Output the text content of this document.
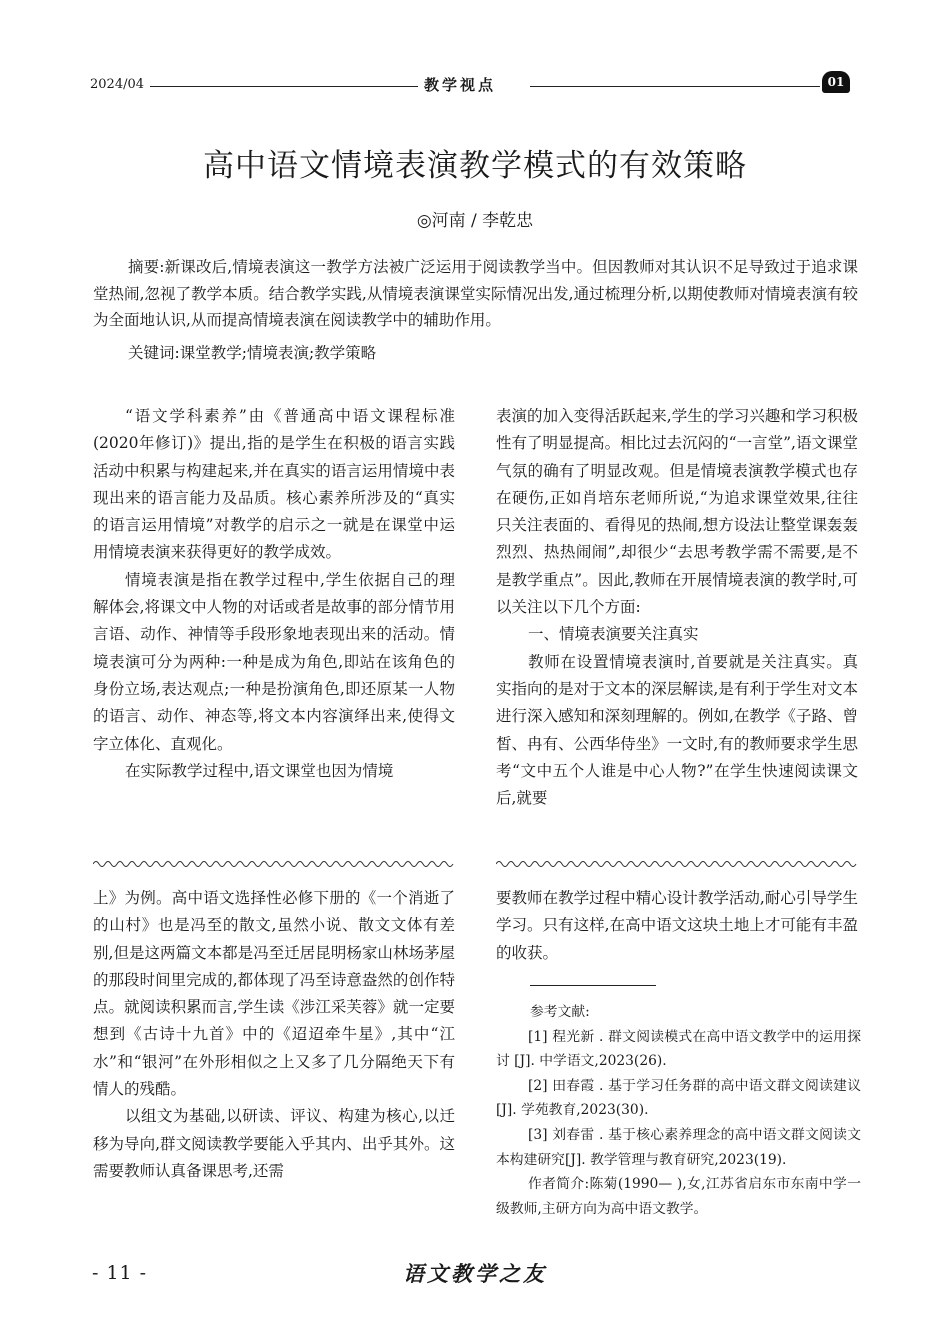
2024/04	教学视点	01
高中语文情境表演教学模式的有效策略
◎河南 / 李乾忠
摘要:新课改后,情境表演这一教学方法被广泛运用于阅读教学当中。但因教师对其认识不足导致过于追求课堂热闹,忽视了教学本质。结合教学实践,从情境表演课堂实际情况出发,通过梳理分析,以期使教师对情境表演有较为全面地认识,从而提高情境表演在阅读教学中的辅助作用。
关键词:课堂教学;情境表演;教学策略

“语文学科素养”由《普通高中语文课程标准(2020年修订)》提出,指的是学生在积极的语言实践活动中积累与构建起来,并在真实的语言运用情境中表现出来的语言能力及品质。核心素养所涉及的“真实的语言运用情境”对教学的启示之一就是在课堂中运用情境表演来获得更好的教学成效。

情境表演是指在教学过程中,学生依据自己的理解体会,将课文中人物的对话或者是故事的部分情节用言语、动作、神情等手段形象地表现出来的活动。情境表演可分为两种:一种是成为角色,即站在该角色的身份立场,表达观点;一种是扮演角色,即还原某一人物的语言、动作、神态等,将文本内容演绎出来,使得文字立体化、直观化。

在实际教学过程中,语文课堂也因为情境

表演的加入变得活跃起来,学生的学习兴趣和学习积极性有了明显提高。相比过去沉闷的“一言堂”,语文课堂气氛的确有了明显改观。但是情境表演教学模式也存在硬伤,正如肖培东老师所说,“为追求课堂效果,往往只关注表面的、看得见的热闹,想方设法让整堂课轰轰烈烈、热热闹闹”,却很少“去思考教学需不需要,是不是教学重点”。因此,教师在开展情境表演的教学时,可以关注以下几个方面:

一、情境表演要关注真实

教师在设置情境表演时,首要就是关注真实。真实指向的是对于文本的深层解读,是有利于学生对文本进行深入感知和深刻理解的。例如,在教学《子路、曾皙、冉有、公西华侍坐》一文时,有的教师要求学生思考“文中五个人谁是中心人物?”在学生快速阅读课文后,就要

上》为例。高中语文选择性必修下册的《一个消逝了的山村》也是冯至的散文,虽然小说、散文文体有差别,但是这两篇文本都是冯至迁居昆明杨家山林场茅屋的那段时间里完成的,都体现了冯至诗意盎然的创作特点。就阅读积累而言,学生读《涉江采芙蓉》就一定要想到《古诗十九首》中的《迢迢牵牛星》,其中“江水”和“银河”在外形相似之上又多了几分隔绝天下有情人的残酷。

以组文为基础,以研读、评议、构建为核心,以迁移为导向,群文阅读教学要能入乎其内、出乎其外。这需要教师认真备课思考,还需

要教师在教学过程中精心设计教学活动,耐心引导学生学习。只有这样,在高中语文这块土地上才可能有丰盈的收获。

参考文献:

[1] 程光新 . 群文阅读模式在高中语文教学中的运用探讨 [J]. 中学语文,2023(26).

[2] 田春霞 . 基于学习任务群的高中语文群文阅读建议 [J]. 学苑教育,2023(30).

[3] 刘春雷 . 基于核心素养理念的高中语文群文阅读文本构建研究[J]. 教学管理与教育研究,2023(19).

作者简介:陈菊(1990— ),女,江苏省启东市东南中学一级教师,主研方向为高中语文教学。

- 11 -	语文教学之友
